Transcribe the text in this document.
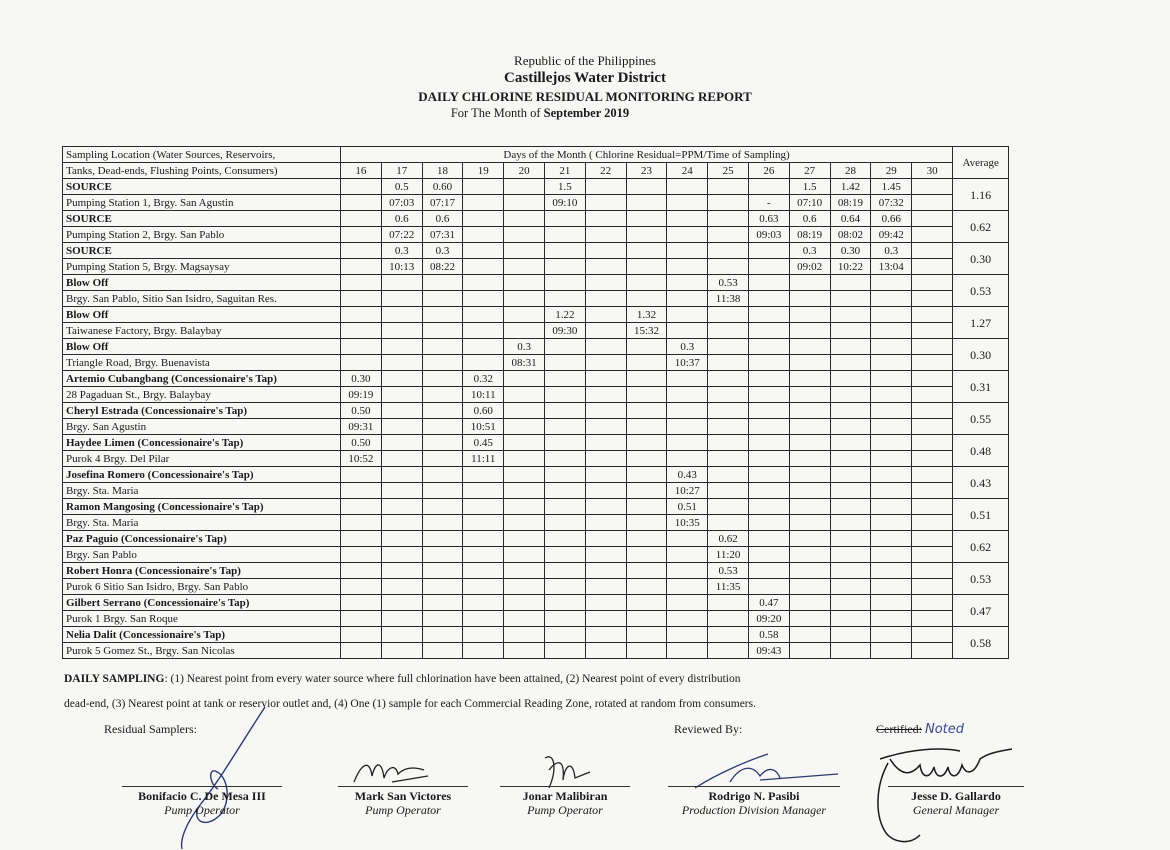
Republic of the Philippines
Castillejos Water District
DAILY CHLORINE RESIDUAL MONITORING REPORT
For The Month of September 2019
Sampling Location (Water Sources, Reservoirs,	Days of the Month ( Chlorine Residual=PPM/Time of Sampling)															Average
Tanks, Dead-ends, Flushing Points, Consumers)	16	17	18	19	20	21	22	23	24	25	26	27	28	29	30	
SOURCE		0.5	0.60			1.5						1.5	1.42	1.45		1.16
Pumping Station 1, Brgy. San Agustin		07:03	07:17			09:10					-	07:10	08:19	07:32		
SOURCE		0.6	0.6								0.63	0.6	0.64	0.66		0.62
Pumping Station 2, Brgy. San Pablo		07:22	07:31								09:03	08:19	08:02	09:42		
SOURCE		0.3	0.3									0.3	0.30	0.3		0.30
Pumping Station 5, Brgy. Magsaysay		10:13	08:22									09:02	10:22	13:04		
Blow Off										0.53						0.53
Brgy. San Pablo, Sitio San Isidro, Saguitan Res.										11:38						
Blow Off						1.22		1.32								1.27
Taiwanese Factory, Brgy. Balaybay						09:30		15:32								
Blow Off					0.3				0.3							0.30
Triangle Road, Brgy. Buenavista					08:31				10:37							
Artemio Cubangbang (Concessionaire's Tap)	0.30			0.32												0.31
28 Pagaduan St., Brgy. Balaybay	09:19			10:11												
Cheryl Estrada (Concessionaire's Tap)	0.50			0.60												0.55
Brgy. San Agustin	09:31			10:51												
Haydee Limen (Concessionaire's Tap)	0.50			0.45												0.48
Purok 4 Brgy. Del Pilar	10:52			11:11												
Josefina Romero (Concessionaire's Tap)									0.43							0.43
Brgy. Sta. Maria									10:27							
Ramon Mangosing (Concessionaire's Tap)									0.51							0.51
Brgy. Sta. Maria									10:35							
Paz Paguio (Concessionaire's Tap)										0.62						0.62
Brgy. San Pablo										11:20						
Robert Honra (Concessionaire's Tap)										0.53						0.53
Purok 6 Sitio San Isidro, Brgy. San Pablo										11:35						
Gilbert Serrano (Concessionaire's Tap)											0.47					0.47
Purok 1 Brgy. San Roque											09:20					
Nelia Dalit (Concessionaire's Tap)											0.58					0.58
Purok 5 Gomez St., Brgy. San Nicolas											09:43					
DAILY SAMPLING: (1) Nearest point from every water source where full chlorination have been attained, (2) Nearest point of every distribution
dead-end, (3) Nearest point at tank or reservior outlet and, (4) One (1) sample for each Commercial Reading Zone, rotated at random from consumers.
Residual Samplers:	Reviewed By:	Certified: Noted
Bonifacio C. De Mesa III
Pump Operator
Mark San Victores
Pump Operator
Jonar Malibiran
Pump Operator
Rodrigo N. Pasibi
Production Division Manager
Jesse D. Gallardo
General Manager
